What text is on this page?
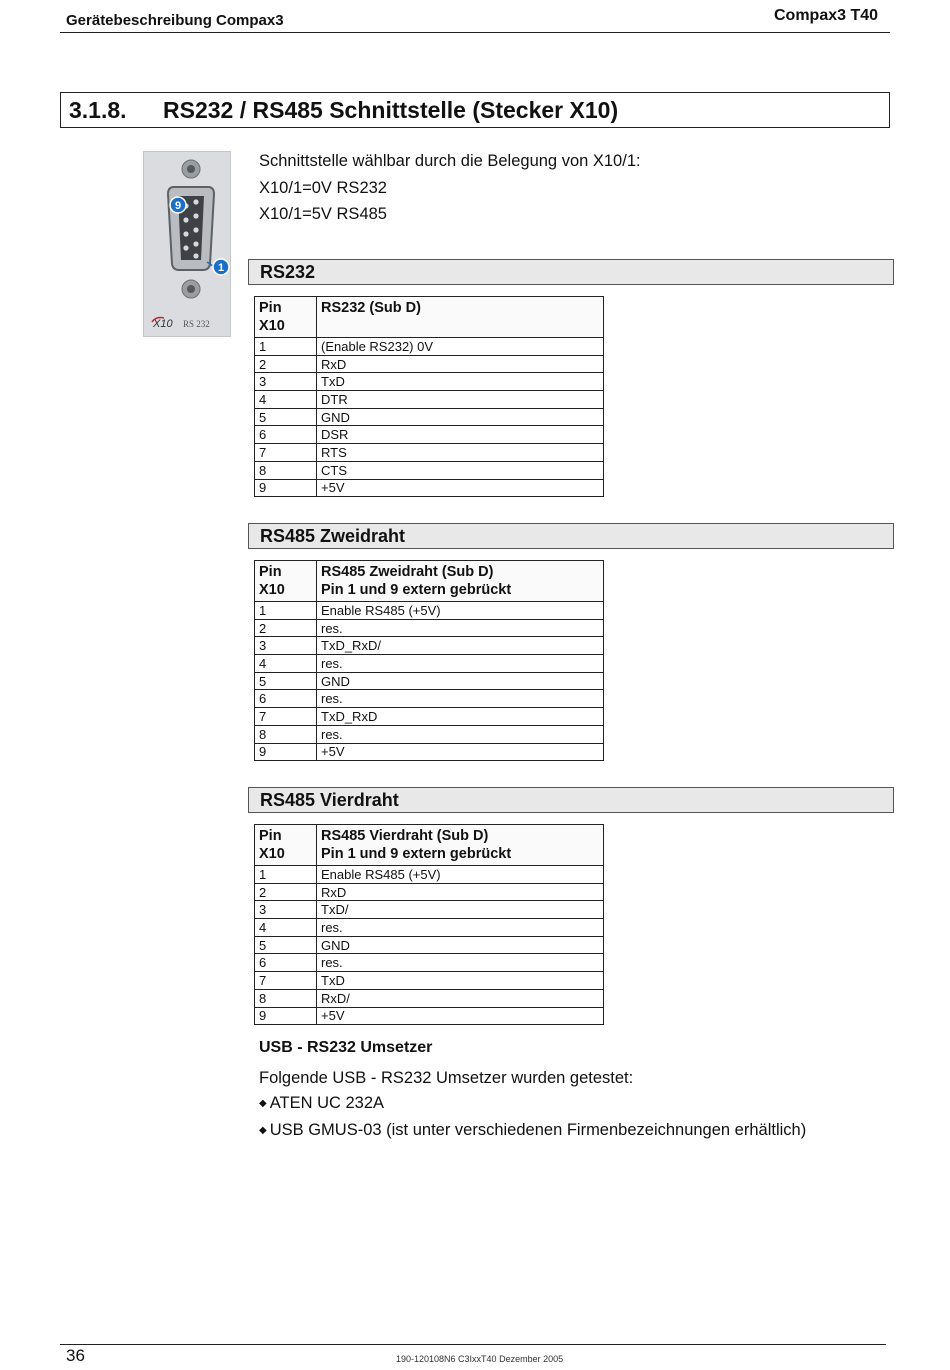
Gerätebeschreibung Compax3	Compax3 T40
3.1.8. RS232 / RS485 Schnittstelle (Stecker X10)
9
1
X10 RS 232
Schnittstelle wählbar durch die Belegung von X10/1:
X10/1=0V RS232
X10/1=5V RS485
RS232
Pin
X10	RS232 (Sub D)

1	(Enable RS232) 0V
2	RxD
3	TxD
4	DTR
5	GND
6	DSR
7	RTS
8	CTS
9	+5V
RS485 Zweidraht
Pin
X10	RS485 Zweidraht (Sub D)
Pin 1 und 9 extern gebrückt
1	Enable RS485 (+5V)
2	res.
3	TxD_RxD/
4	res.
5	GND
6	res.
7	TxD_RxD
8	res.
9	+5V
RS485 Vierdraht
Pin
X10	RS485 Vierdraht (Sub D)
Pin 1 und 9 extern gebrückt
1	Enable RS485 (+5V)
2	RxD
3	TxD/
4	res.
5	GND
6	res.
7	TxD
8	RxD/
9	+5V
USB - RS232 Umsetzer
Folgende USB - RS232 Umsetzer wurden getestet:
◆ ATEN UC 232A
◆ USB GMUS-03 (ist unter verschiedenen Firmenbezeichnungen erhältlich)
36	190-120108N6 C3IxxT40 Dezember 2005
